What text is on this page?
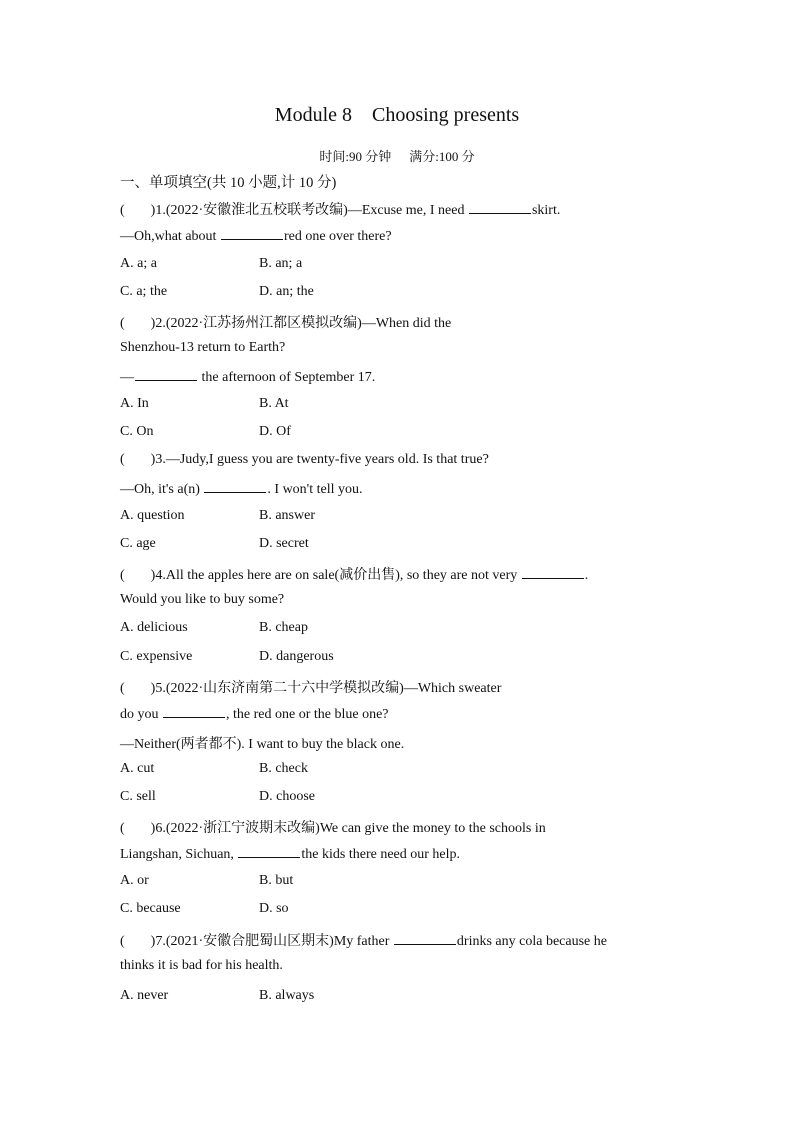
Module 8 Choosing presents
时间:90 分钟 满分:100 分
一、单项填空(共 10 小题,计 10 分)
( )1.(2022·安徽淮北五校联考改编)—Excuse me, I need	skirt.
—Oh,what about	red one over there?
A. a; a	B. an; a
C. a; the	D. an; the
( )2.(2022·江苏扬州江都区模拟改编)—When did the
Shenzhou-13 return to Earth?
—	the afternoon of September 17.
A. In	B. At
C. On	D. Of
( )3.—Judy,I guess you are twenty-five years old. Is that true?
—Oh, it's a(n)	. I won't tell you.
A. question	B. answer
C. age	D. secret
( )4.All the apples here are on sale(减价出售), so they are not very	.
Would you like to buy some?
A. delicious	B. cheap
C. expensive	D. dangerous
( )5.(2022·山东济南第二十六中学模拟改编)—Which sweater
do you	, the red one or the blue one?
—Neither(两者都不). I want to buy the black one.
A. cut	B. check
C. sell	D. choose
( )6.(2022·浙江宁波期末改编)We can give the money to the schools in
Liangshan, Sichuan,	the kids there need our help.
A. or	B. but
C. because	D. so
( )7.(2021·安徽合肥蜀山区期末)My father	drinks any cola because he
thinks it is bad for his health.
A. never	B. always
